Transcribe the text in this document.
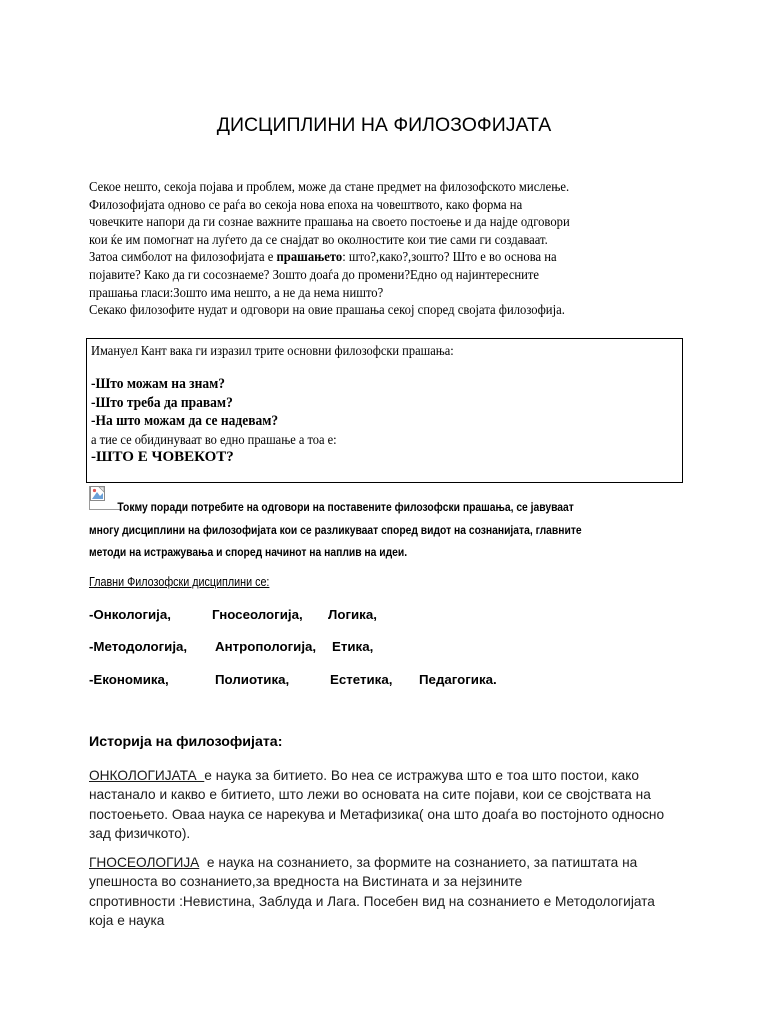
ДИСЦИПЛИНИ НА ФИЛОЗОФИЈАТА

Секое нешто, секоја појава и проблем, може да стане предмет на филозофското мислење.

Филозофијата одново се раѓа во секоја нова епоха на човештвото, како форма на

човечките напори да ги сознае важните прашања на своето постоење и да најде одговори

кои ќе им помогнат на луѓето да се снајдат во околностите кои тие сами ги создаваат.

Затоа симболот на филозофијата е прашањето: што?,како?,зошто? Што е во основа на

појавите? Како да ги сосознаеме? Зошто доаѓа до промени?Едно од најинтересните

прашања гласи:Зошто има нешто, а не да нема ништо?

Секако филозофите нудат и одговори на овие прашања секој според својата филозофија.

Имануел Кант вака ги изразил трите основни филозофски прашања:
-Што можам на знам?
-Што треба да правам?
-На што можам да се надевам?
а тие се обидинуваат во едно прашање а тоа е:
-ШТО Е ЧОВЕКОТ?
Токму поради потребите на одговори на поставените филозофски прашања, се јавуваат
многу дисциплини на филозофијата кои се разликуваат според видот на сознанијата, главните
методи на истражувања и според начинот на наплив на идеи.
Главни Филозофски дисциплини се:
-Онкологија,	Гносеологија, Логика,
-Методологија, Антропологија, Етика,
-Економика,	Полиотика,	Естетика, Педагогика.
Историја на филозофијата:

ОНКОЛОГИЈАТА  е наука за битието. Во неа се истражува што е тоа што постои, како

настанало и какво е битието, што лежи во основата на сите појави, кои се својствата на

постоењето. Оваа наука се нарекува и Метафизика( она што доаѓа во постојното односно

зад физичкото).

ГНОСЕОЛОГИЈА  е наука на сознанието, за формите на сознанието, за патиштата на

упешноста во сознанието,за вредноста на Вистината и за нејзините

спротивности :Невистина, Заблуда и Лага. Посебен вид на сознанието е Методологијата

која е наука
